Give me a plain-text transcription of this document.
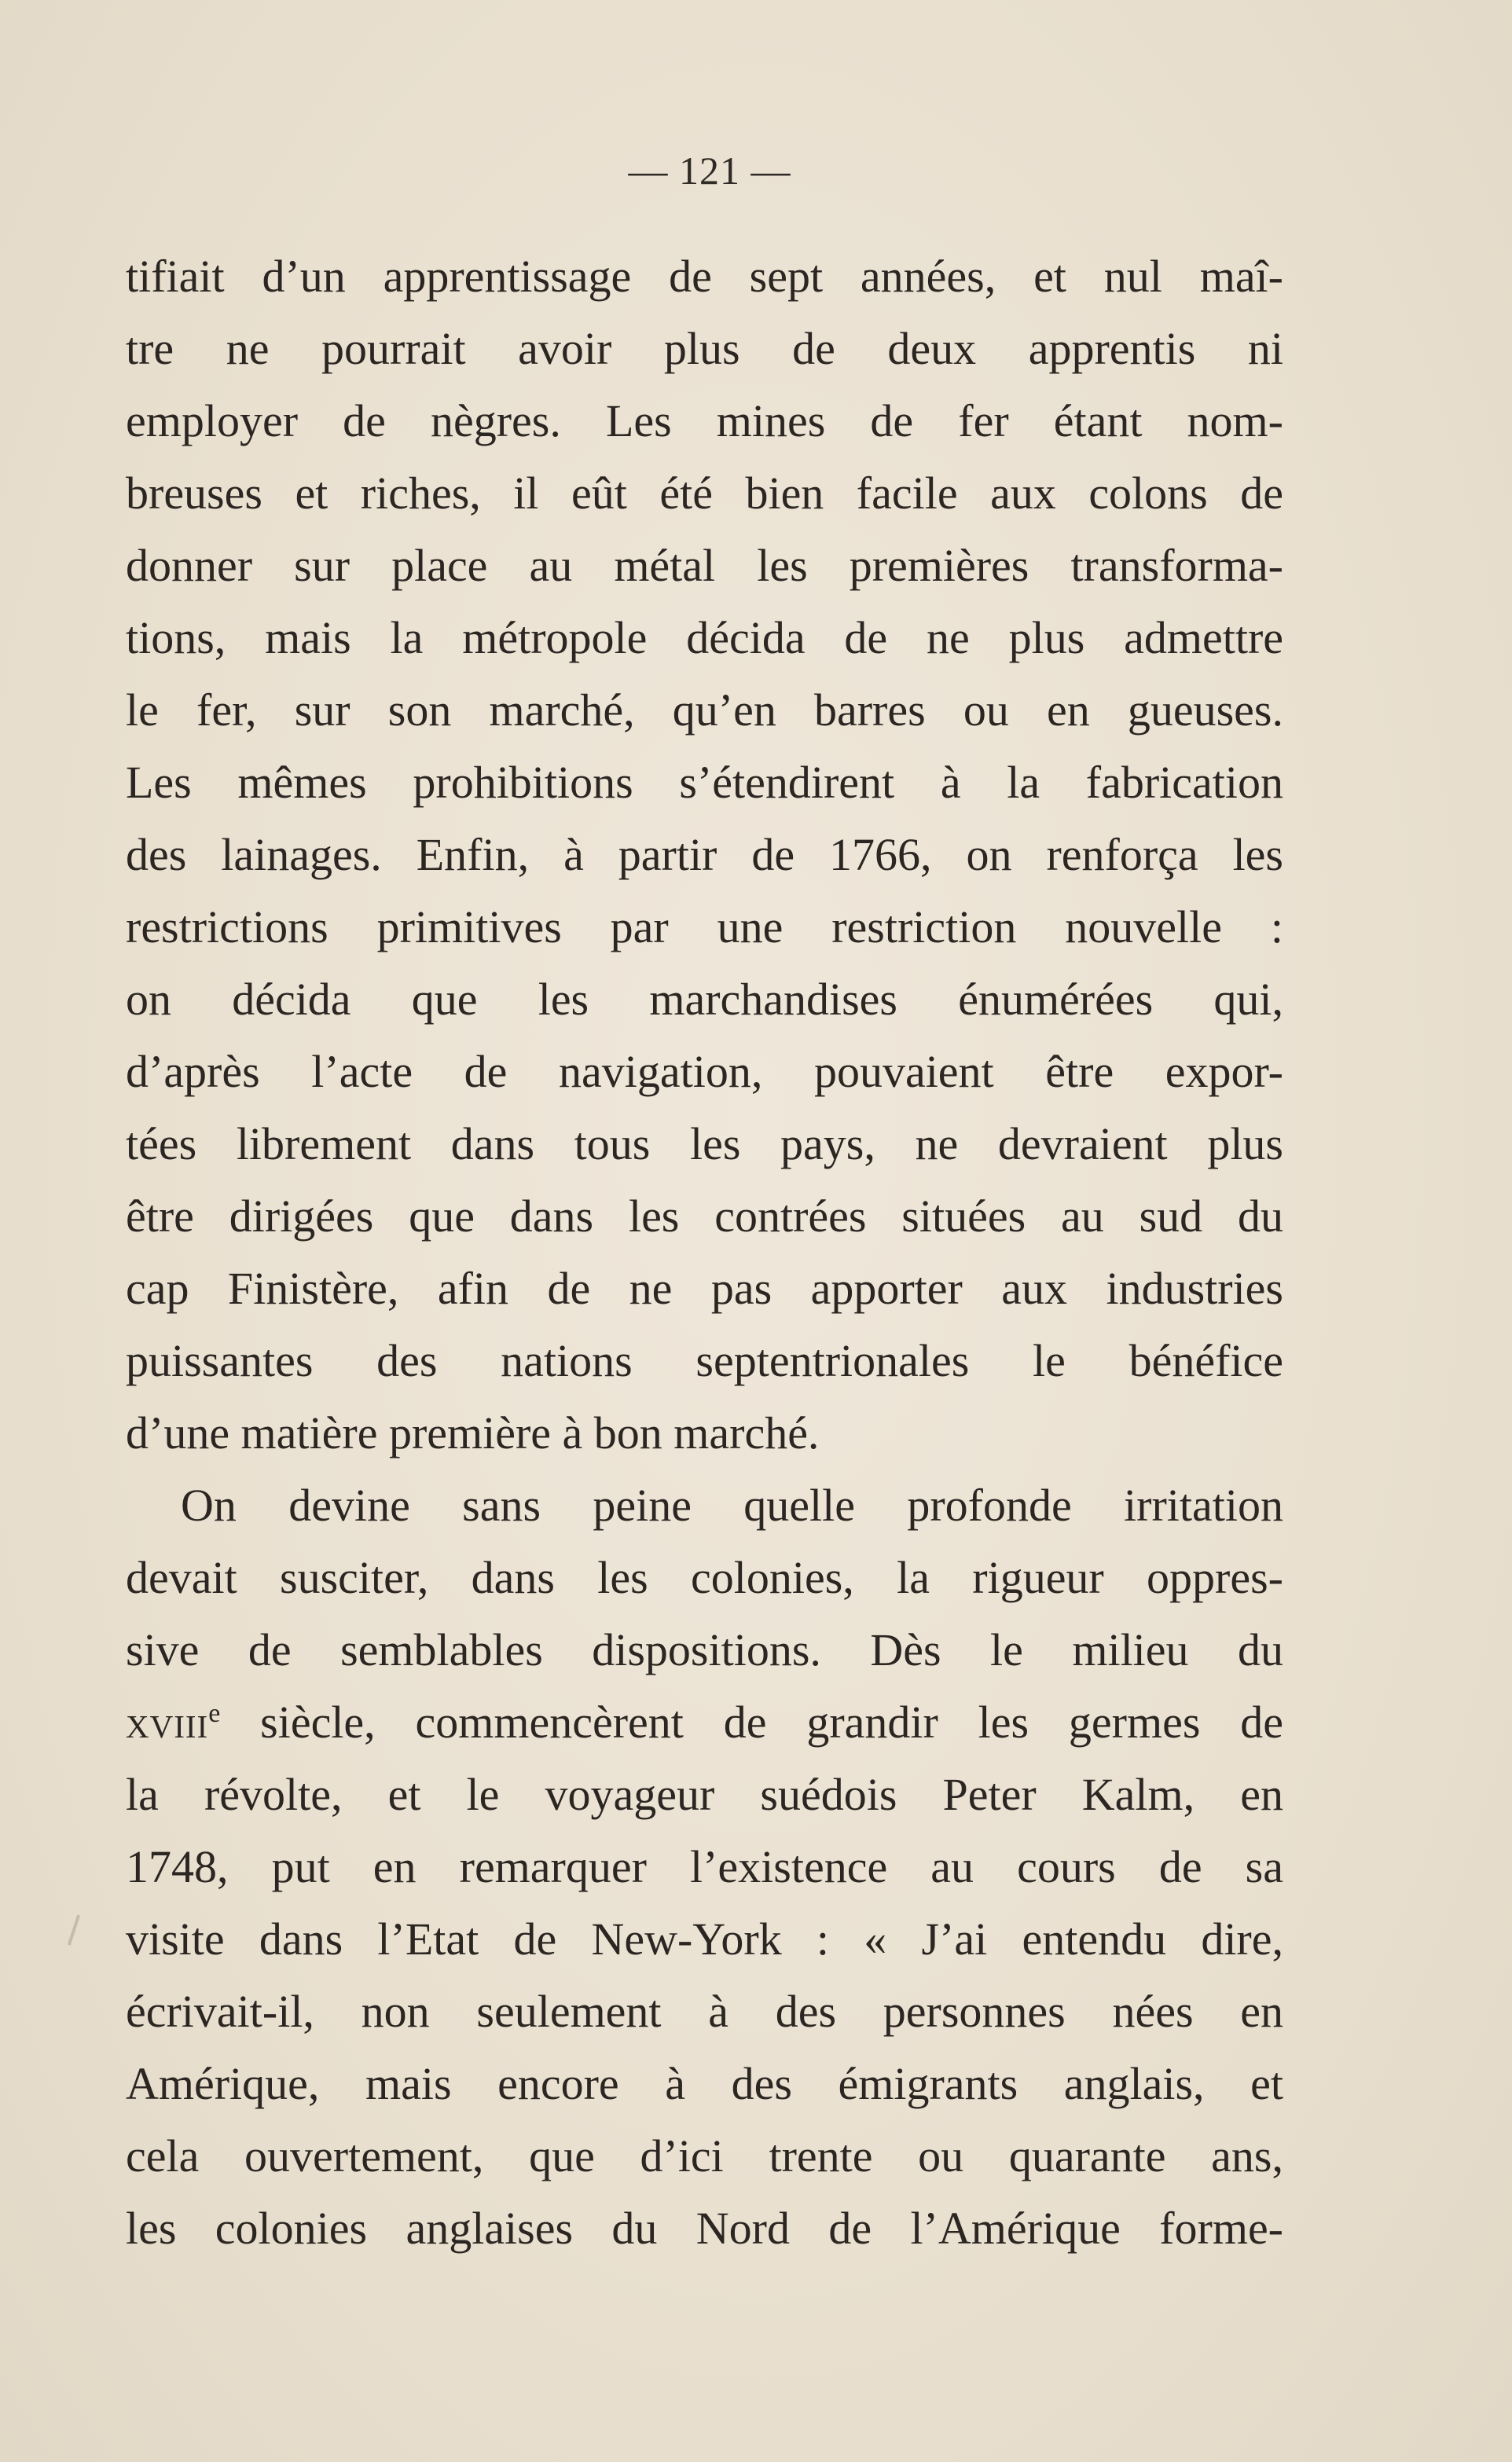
— 121 —
tifiait d’un apprentissage de sept années, et nul maî-
tre ne pourrait avoir plus de deux apprentis ni
employer de nègres. Les mines de fer étant nom-
breuses et riches, il eût été bien facile aux colons de
donner sur place au métal les premières transforma-
tions, mais la métropole décida de ne plus admettre
le fer, sur son marché, qu’en barres ou en gueuses.
Les mêmes prohibitions s’étendirent à la fabrication
des lainages. Enfin, à partir de 1766, on renforça les
restrictions primitives par une restriction nouvelle :
on décida que les marchandises énumérées qui,
d’après l’acte de navigation, pouvaient être expor-
tées librement dans tous les pays, ne devraient plus
être dirigées que dans les contrées situées au sud du
cap Finistère, afin de ne pas apporter aux industries
puissantes des nations septentrionales le bénéfice
d’une matière première à bon marché.
On devine sans peine quelle profonde irritation
devait susciter, dans les colonies, la rigueur oppres-
sive de semblables dispositions. Dès le milieu du
xviii$^e$ siècle, commencèrent de grandir les germes de
la révolte, et le voyageur suédois Peter Kalm, en
1748, put en remarquer l’existence au cours de sa
visite dans l’Etat de New-York : « J’ai entendu dire,
écrivait-il, non seulement à des personnes nées en
Amérique, mais encore à des émigrants anglais, et
cela ouvertement, que d’ici trente ou quarante ans,
les colonies anglaises du Nord de l’Amérique forme-
